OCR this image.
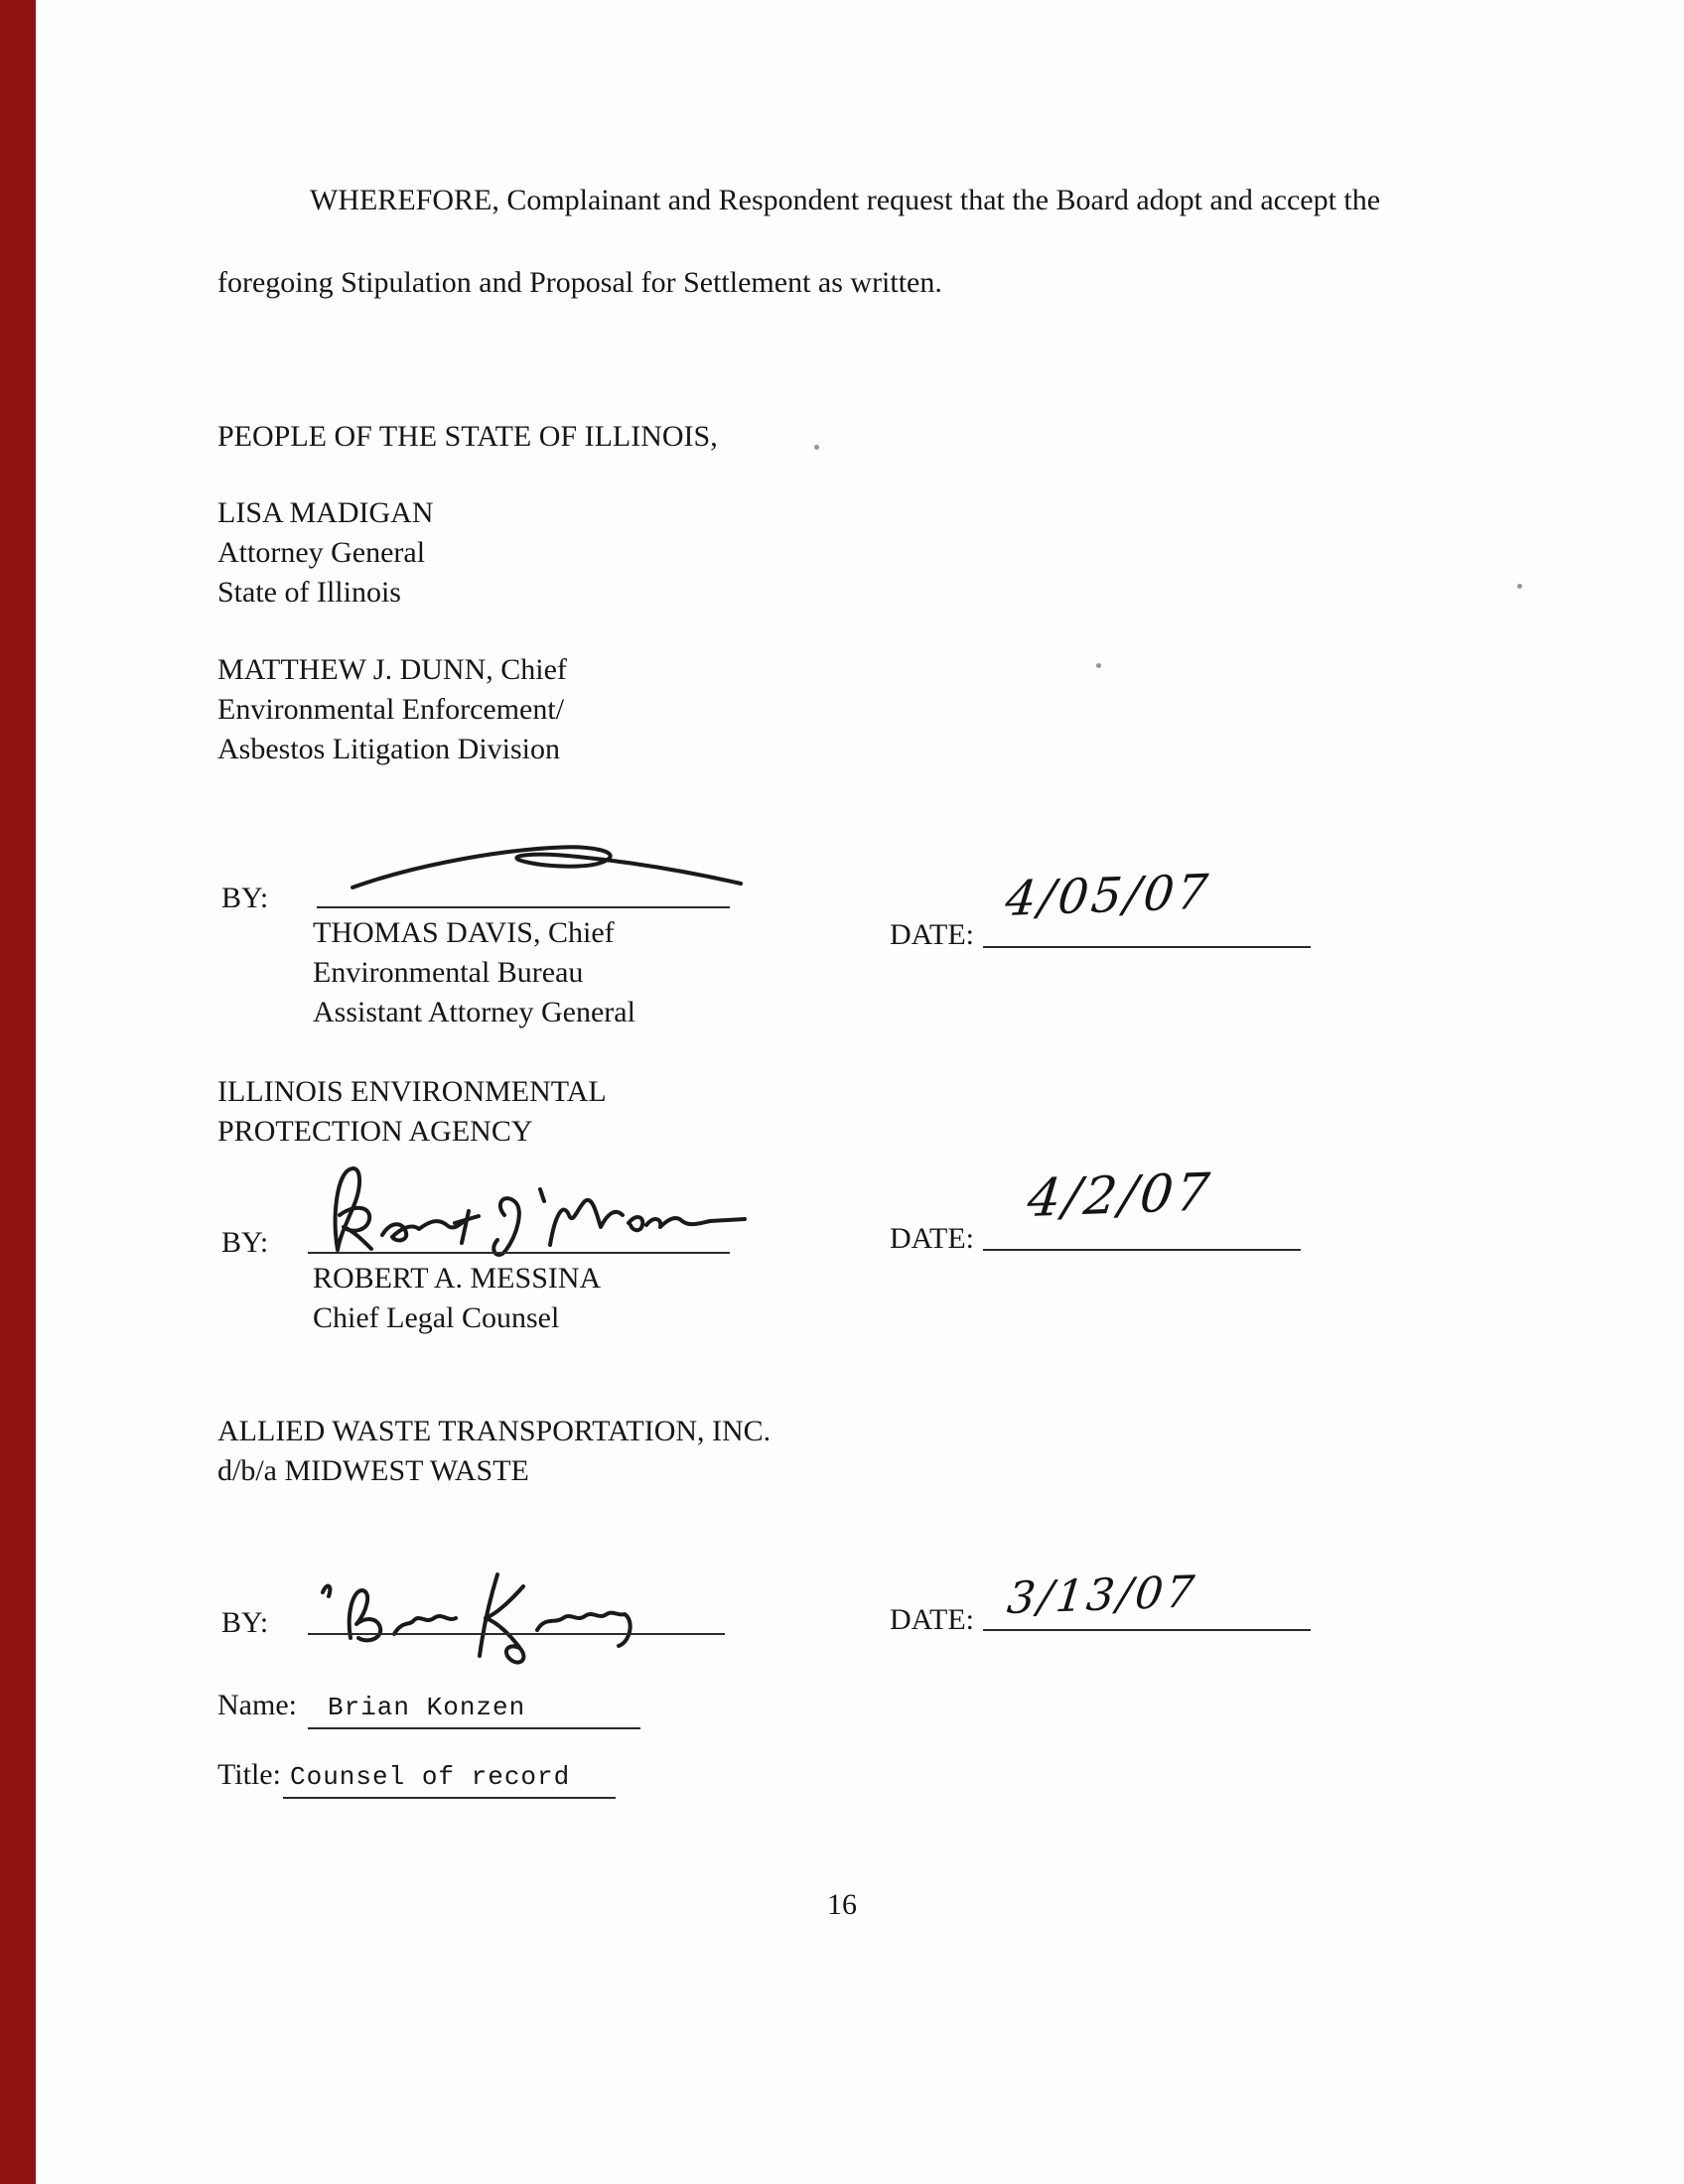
WHEREFORE, Complainant and Respondent request that the Board adopt and accept the
foregoing Stipulation and Proposal for Settlement as written.
PEOPLE OF THE STATE OF ILLINOIS,
LISA MADIGAN
Attorney General
State of Illinois
MATTHEW J. DUNN, Chief
Environmental Enforcement/
Asbestos Litigation Division
BY:
THOMAS DAVIS, Chief
Environmental Bureau
Assistant Attorney General
DATE:
4/05/07
ILLINOIS ENVIRONMENTAL
PROTECTION AGENCY
BY:
ROBERT A. MESSINA
Chief Legal Counsel
DATE:
4/2/07
ALLIED WASTE TRANSPORTATION, INC.
d/b/a MIDWEST WASTE
BY:	DATE: 3/13/07
Name: Brian Konzen
Title: Counsel of record
16
